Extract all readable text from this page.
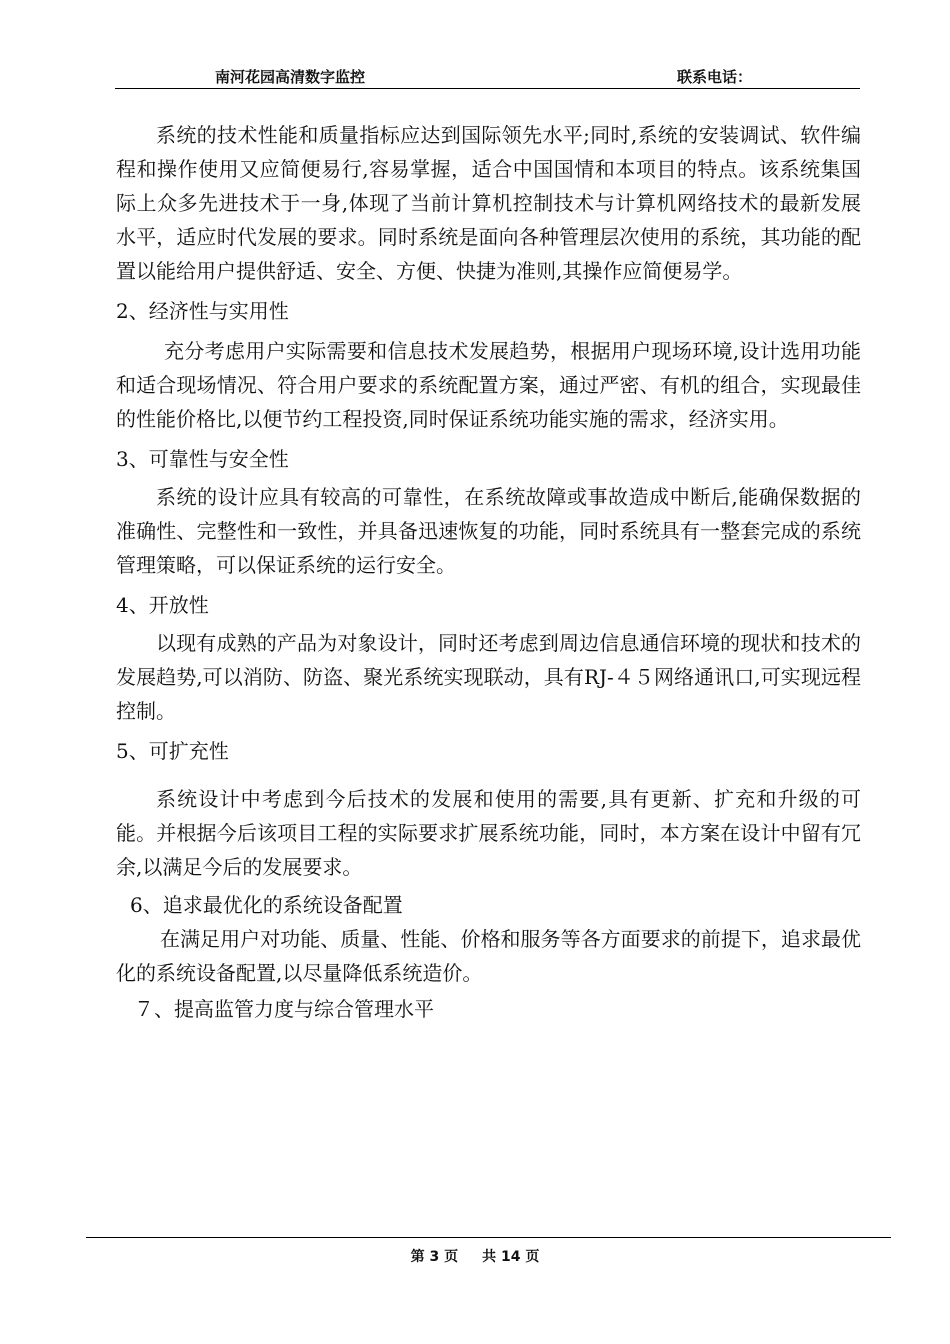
南河花园高清数字监控	联系电话：

系统的技术性能和质量指标应达到国际领先水平;同时,系统的安装调试、软件编程和操作使用又应简便易行,容易掌握，适合中国国情和本项目的特点。该系统集国际上众多先进技术于一身,体现了当前计算机控制技术与计算机网络技术的最新发展水平，适应时代发展的要求。同时系统是面向各种管理层次使用的系统，其功能的配置以能给用户提供舒适、安全、方便、快捷为准则,其操作应简便易学。

2、经济性与实用性

充分考虑用户实际需要和信息技术发展趋势，根据用户现场环境,设计选用功能和适合现场情况、符合用户要求的系统配置方案，通过严密、有机的组合，实现最佳的性能价格比,以便节约工程投资,同时保证系统功能实施的需求，经济实用。

3、可靠性与安全性

系统的设计应具有较高的可靠性，在系统故障或事故造成中断后,能确保数据的准确性、完整性和一致性，并具备迅速恢复的功能，同时系统具有一整套完成的系统管理策略，可以保证系统的运行安全。

4、开放性

以现有成熟的产品为对象设计，同时还考虑到周边信息通信环境的现状和技术的发展趋势,可以消防、防盗、聚光系统实现联动，具有RJ-４５网络通讯口,可实现远程控制。

5、可扩充性

系统设计中考虑到今后技术的发展和使用的需要,具有更新、扩充和升级的可能。并根据今后该项目工程的实际要求扩展系统功能，同时，本方案在设计中留有冗余,以满足今后的发展要求。

6、追求最优化的系统设备配置

在满足用户对功能、质量、性能、价格和服务等各方面要求的前提下，追求最优化的系统设备配置,以尽量降低系统造价。

７、提高监管力度与综合管理水平

第 3 页 共 14 页
